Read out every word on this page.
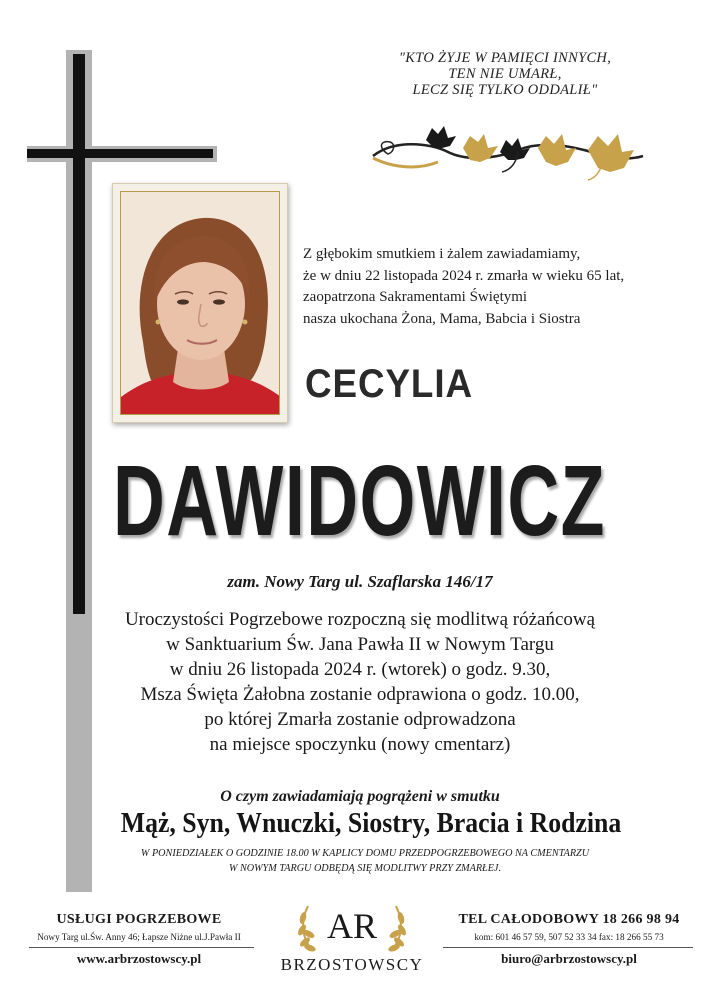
"KTO ŻYJE W PAMIĘCI INNYCH,
TEN NIE UMARŁ,
LECZ SIĘ TYLKO ODDALIŁ"
Z głębokim smutkiem i żalem zawiadamiamy,
że w dniu 22 listopada 2024 r. zmarła w wieku 65 lat,
zaopatrzona Sakramentami Świętymi
nasza ukochana Żona, Mama, Babcia i Siostra
CECYLIA
DAWIDOWICZ
zam. Nowy Targ ul. Szaflarska 146/17
Uroczystości Pogrzebowe rozpoczną się modlitwą różańcową
w Sanktuarium Św. Jana Pawła II w Nowym Targu
w dniu 26 listopada 2024 r. (wtorek) o godz. 9.30,
Msza Święta Żałobna zostanie odprawiona o godz. 10.00,
po której Zmarła zostanie odprowadzona
na miejsce spoczynku (nowy cmentarz)
O czym zawiadamiają pogrążeni w smutku
Mąż, Syn, Wnuczki, Siostry, Bracia i Rodzina
W PONIEDZIAŁEK O GODZINIE 18.00 W KAPLICY DOMU PRZEDPOGRZEBOWEGO NA CMENTARZU
W NOWYM TARGU ODBĘDĄ SIĘ MODLITWY PRZY ZMARŁEJ.
USŁUGI POGRZEBOWE
Nowy Targ ul.Św. Anny 46; Łapsze Niżne ul.J.Pawła II
www.arbrzostowscy.pl
AR
BRZOSTOWSCY
TEL CAŁODOBOWY 18 266 98 94
kom: 601 46 57 59, 507 52 33 34 fax: 18 266 55 73
biuro@arbrzostowscy.pl
